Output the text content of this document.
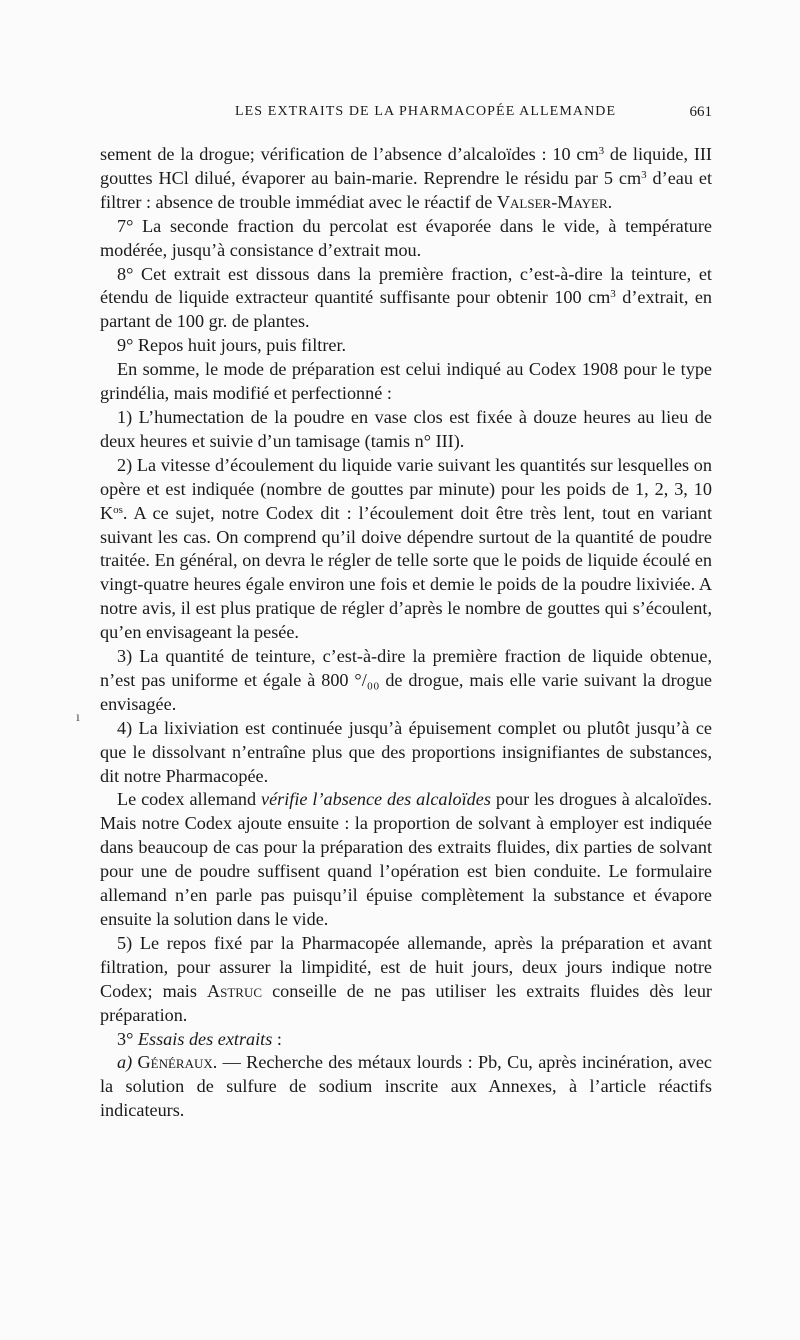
LES EXTRAITS DE LA PHARMACOPÉE ALLEMANDE	661
ı

sement de la drogue; vérification de l’absence d’alcaloïdes : 10 $cm^3$ de liquide, III gouttes HCl dilué, évaporer au bain-marie. Reprendre le résidu par 5 $cm^3$ d’eau et filtrer : absence de trouble immédiat avec le réactif de Valser-Mayer.

7° La seconde fraction du percolat est évaporée dans le vide, à température modérée, jusqu’à consistance d’extrait mou.

8° Cet extrait est dissous dans la première fraction, c’est-à-dire la teinture, et étendu de liquide extracteur quantité suffisante pour obtenir 100 $cm^3$ d’extrait, en partant de 100 gr. de plantes.

9° Repos huit jours, puis filtrer.

En somme, le mode de préparation est celui indiqué au Codex 1908 pour le type grindélia, mais modifié et perfectionné :

1) L’humectation de la poudre en vase clos est fixée à douze heures au lieu de deux heures et suivie d’un tamisage (tamis n° III).

2) La vitesse d’écoulement du liquide varie suivant les quantités sur lesquelles on opère et est indiquée (nombre de gouttes par minute) pour les poids de 1, 2, 3, 10 $K^{os}$. A ce sujet, notre Codex dit : l’écoulement doit être très lent, tout en variant suivant les cas. On comprend qu’il doive dépendre surtout de la quantité de poudre traitée. En général, on devra le régler de telle sorte que le poids de liquide écoulé en vingt-quatre heures égale environ une fois et demie le poids de la poudre lixiviée. A notre avis, il est plus pratique de régler d’après le nombre de gouttes qui s’écoulent, qu’en envisageant la pesée.

3) La quantité de teinture, c’est-à-dire la première fraction de liquide obtenue, n’est pas uniforme et égale à 800 °/₀₀ de drogue, mais elle varie suivant la drogue envisagée.

4) La lixiviation est continuée jusqu’à épuisement complet ou plutôt jusqu’à ce que le dissolvant n’entraîne plus que des proportions insignifiantes de substances, dit notre Pharmacopée.

Le codex allemand vérifie l’absence des alcaloïdes pour les drogues à alcaloïdes. Mais notre Codex ajoute ensuite : la proportion de solvant à employer est indiquée dans beaucoup de cas pour la préparation des extraits fluides, dix parties de solvant pour une de poudre suffisent quand l’opération est bien conduite. Le formulaire allemand n’en parle pas puisqu’il épuise complètement la substance et évapore ensuite la solution dans le vide.

5) Le repos fixé par la Pharmacopée allemande, après la préparation et avant filtration, pour assurer la limpidité, est de huit jours, deux jours indique notre Codex; mais Astruc conseille de ne pas utiliser les extraits fluides dès leur préparation.

3° Essais des extraits :

a) Généraux. — Recherche des métaux lourds : Pb, Cu, après incinération, avec la solution de sulfure de sodium inscrite aux Annexes, à l’article réactifs indicateurs.
